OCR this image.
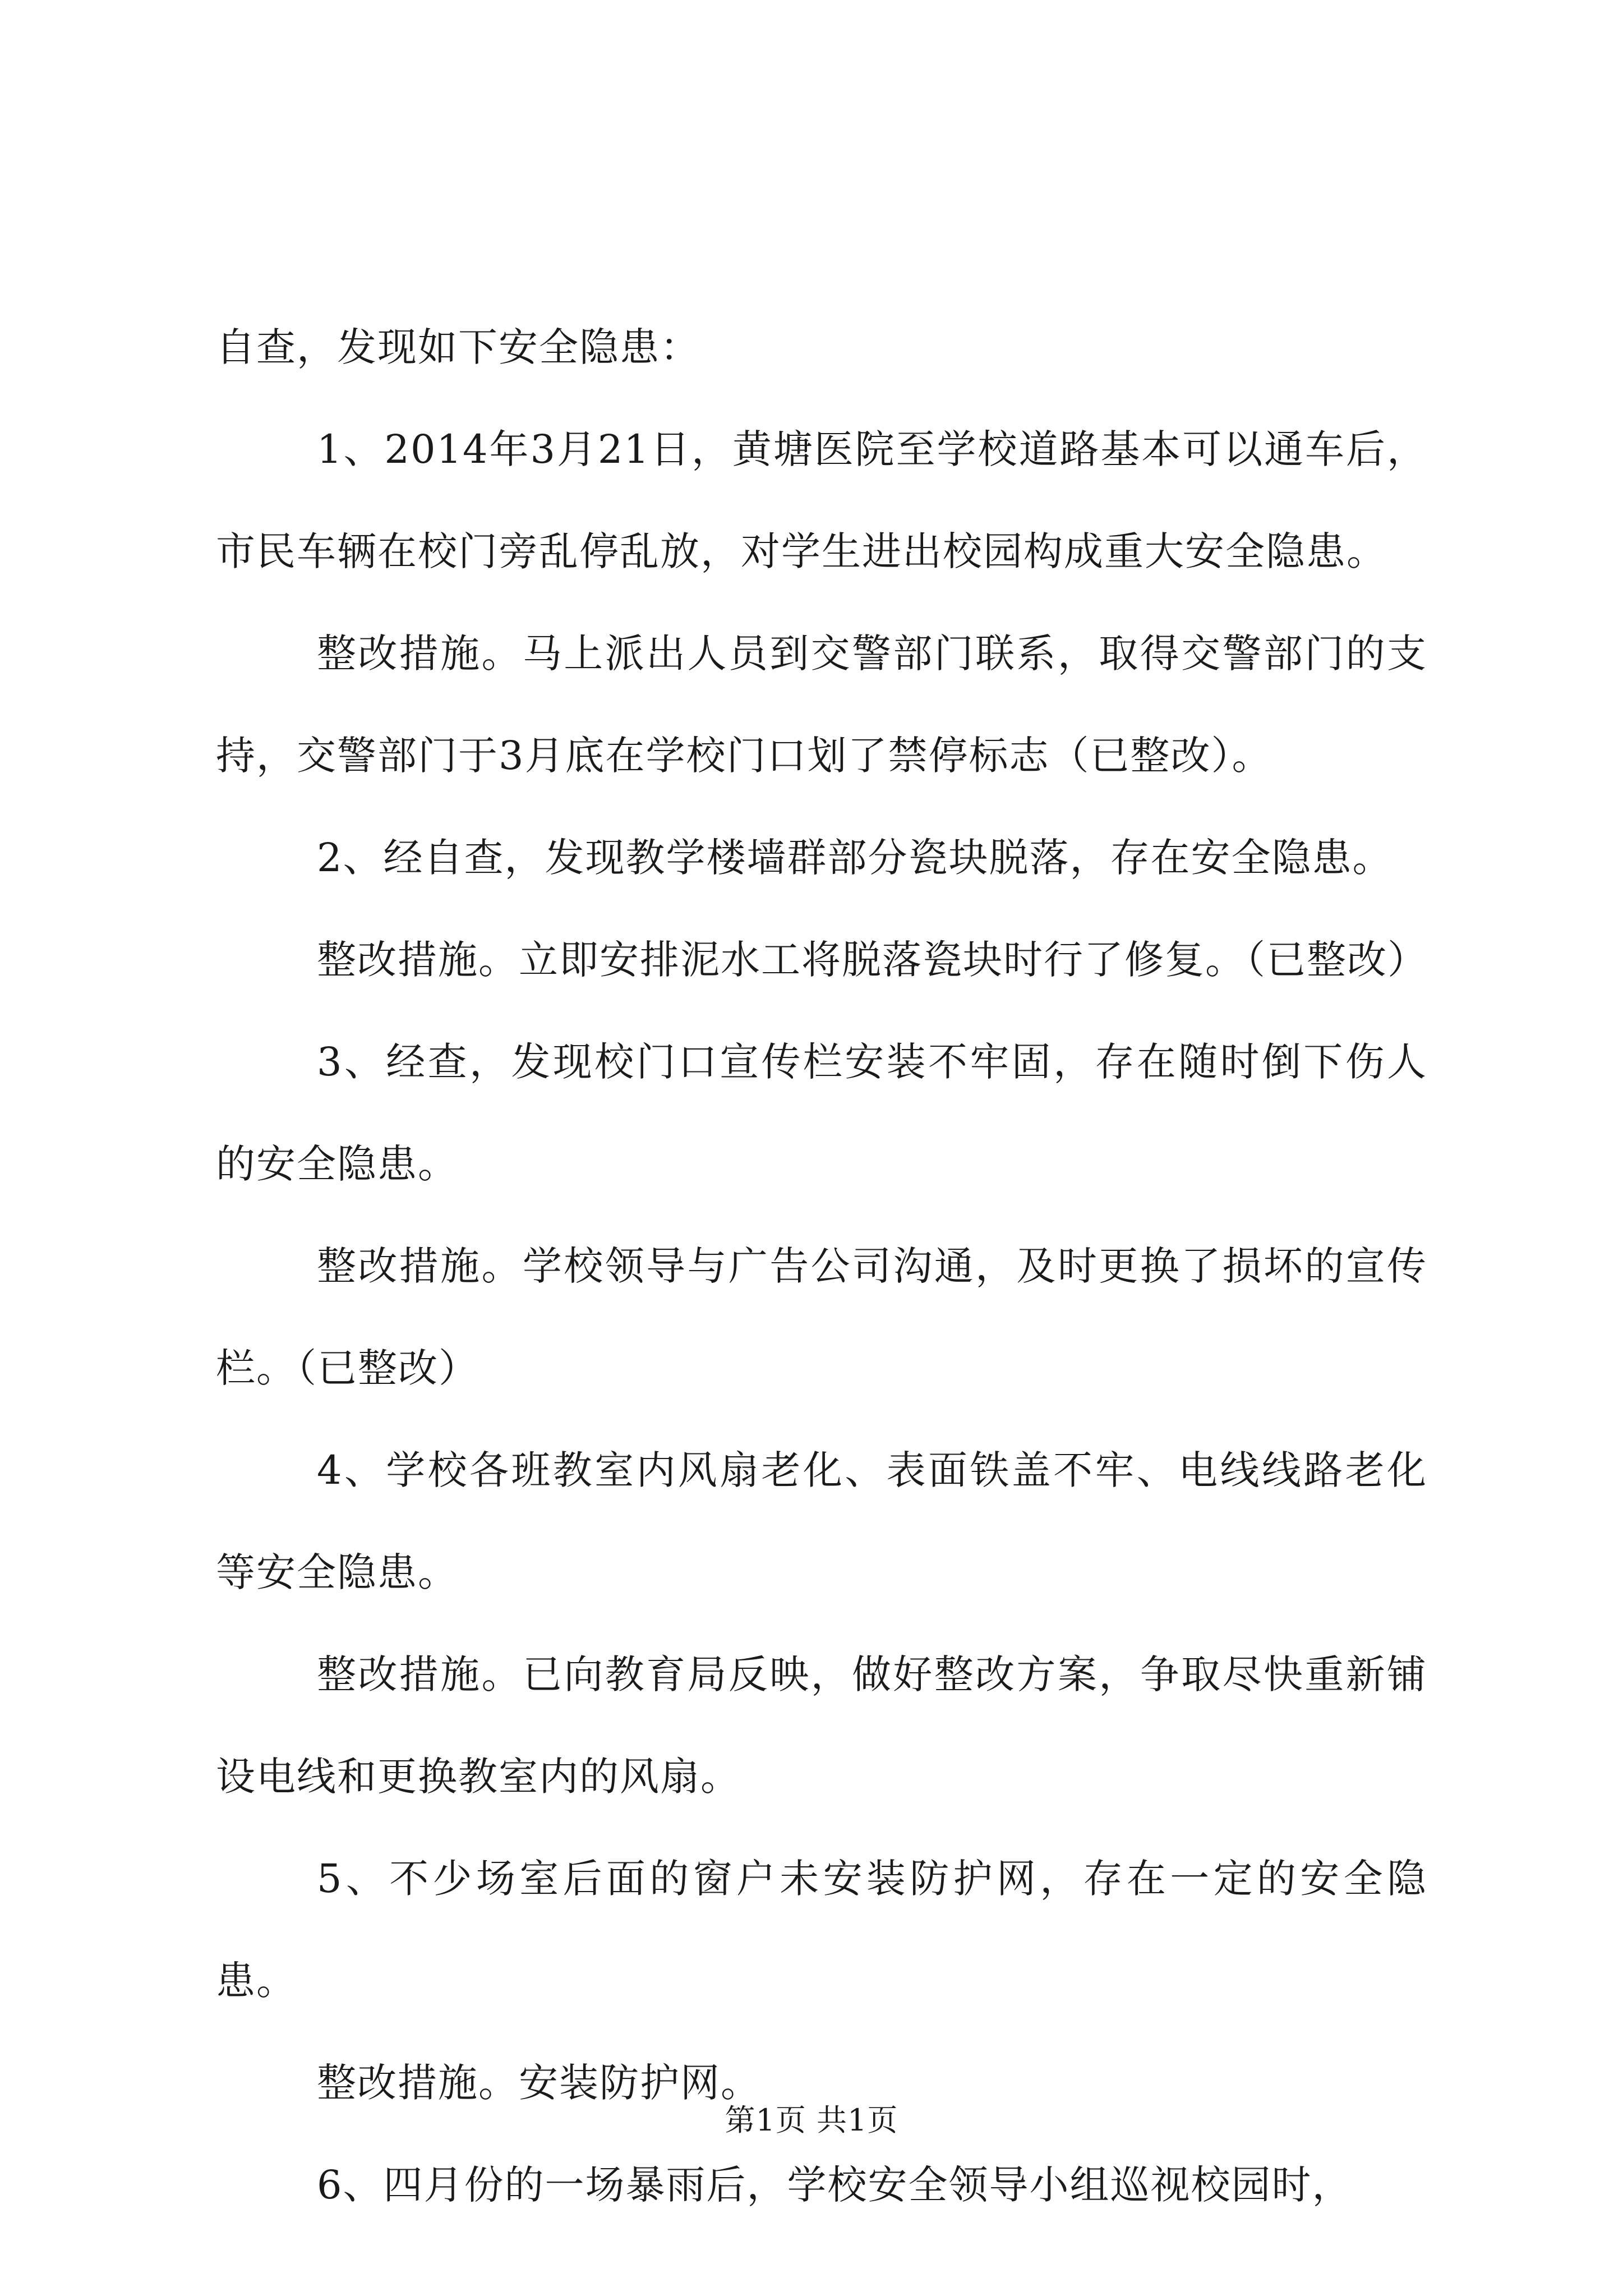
自查，发现如下安全隐患：

1、2014年3月21日，黄塘医院至学校道路基本可以通车后，市民车辆在校门旁乱停乱放，对学生进出校园构成重大安全隐患。

整改措施。马上派出人员到交警部门联系，取得交警部门的支持，交警部门于3月底在学校门口划了禁停标志（已整改）。

2、经自查，发现教学楼墙群部分瓷块脱落，存在安全隐患。

整改措施。立即安排泥水工将脱落瓷块时行了修复。（已整改）

3、经查，发现校门口宣传栏安装不牢固，存在随时倒下伤人的安全隐患。

整改措施。学校领导与广告公司沟通，及时更换了损坏的宣传栏。（已整改）

4、学校各班教室内风扇老化、表面铁盖不牢、电线线路老化等安全隐患。

整改措施。已向教育局反映，做好整改方案，争取尽快重新铺设电线和更换教室内的风扇。

5、不少场室后面的窗户未安装防护网，存在一定的安全隐患。

整改措施。安装防护网。

6、四月份的一场暴雨后，学校安全领导小组巡视校园时，

第1页 共1页
